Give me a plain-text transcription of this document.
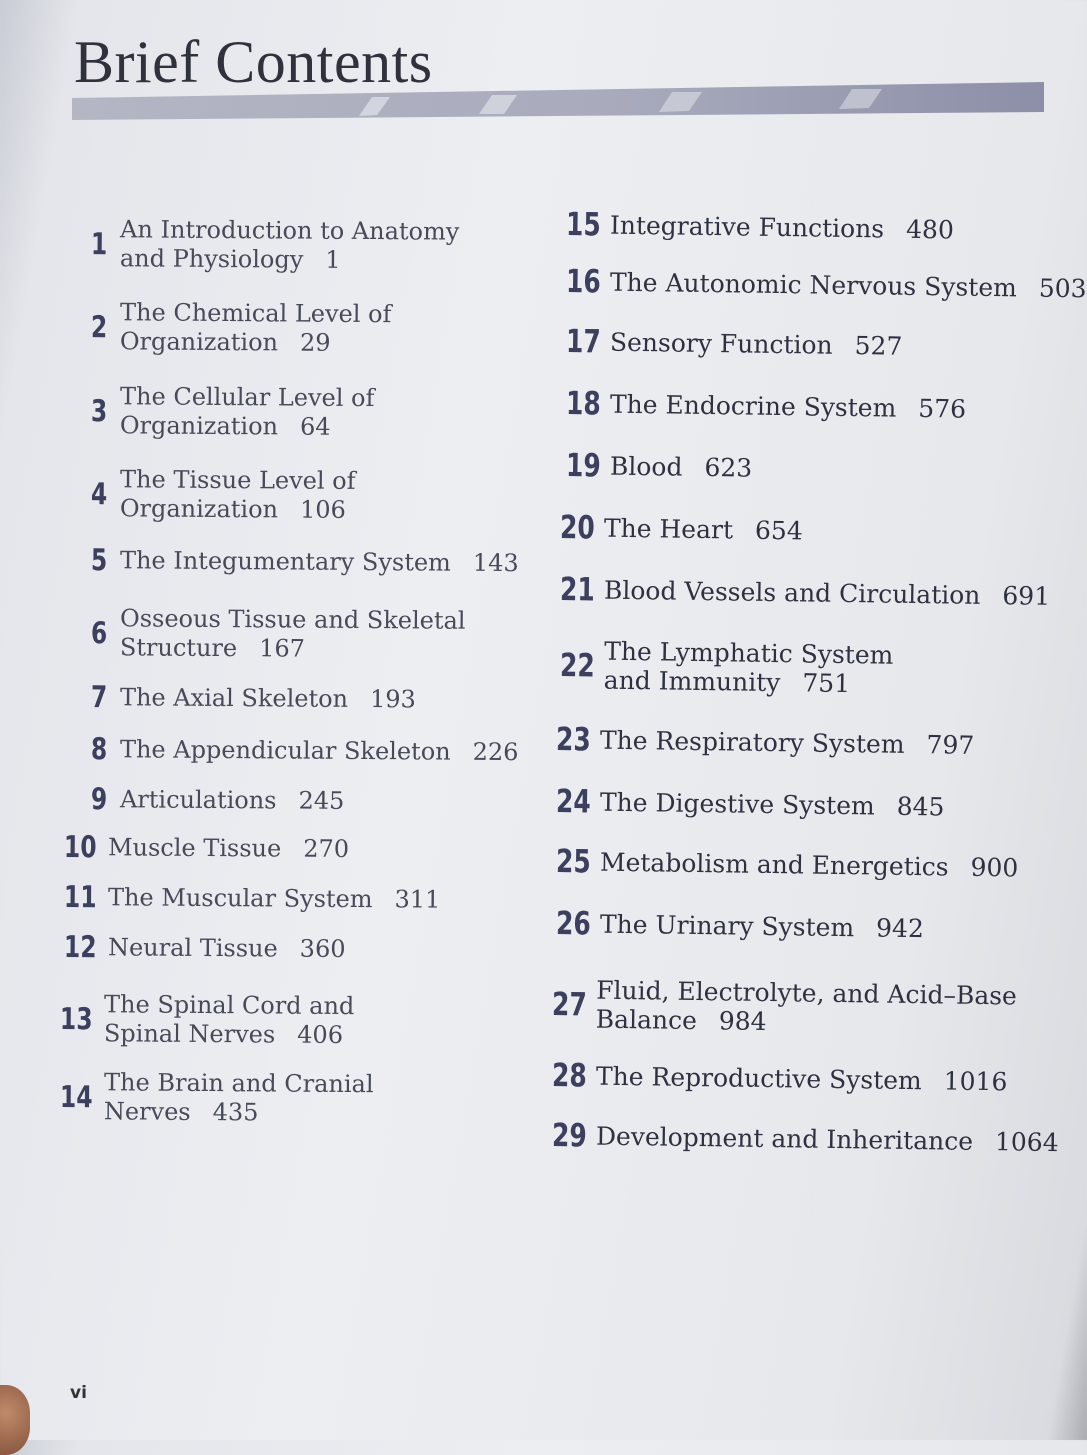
Brief Contents
1 An Introduction to Anatomy
and Physiology 1
2 The Chemical Level of
Organization 29
3 The Cellular Level of
Organization 64
4 The Tissue Level of
Organization 106
5 The Integumentary System 143
6 Osseous Tissue and Skeletal
Structure 167
7 The Axial Skeleton 193
8 The Appendicular Skeleton 226
9 Articulations 245
10 Muscle Tissue 270
11 The Muscular System 311
12 Neural Tissue 360
13 The Spinal Cord and
Spinal Nerves 406
14 The Brain and Cranial
Nerves 435
15 Integrative Functions 480
16 The Autonomic Nervous System 503
17 Sensory Function 527
18 The Endocrine System 576
19 Blood 623
20 The Heart 654
21 Blood Vessels and Circulation 691
22 The Lymphatic System
and Immunity 751
23 The Respiratory System 797
24 The Digestive System 845
25 Metabolism and Energetics 900
26 The Urinary System 942
27 Fluid, Electrolyte, and Acid–Base
Balance 984
28 The Reproductive System 1016
29 Development and Inheritance 1064
vi
